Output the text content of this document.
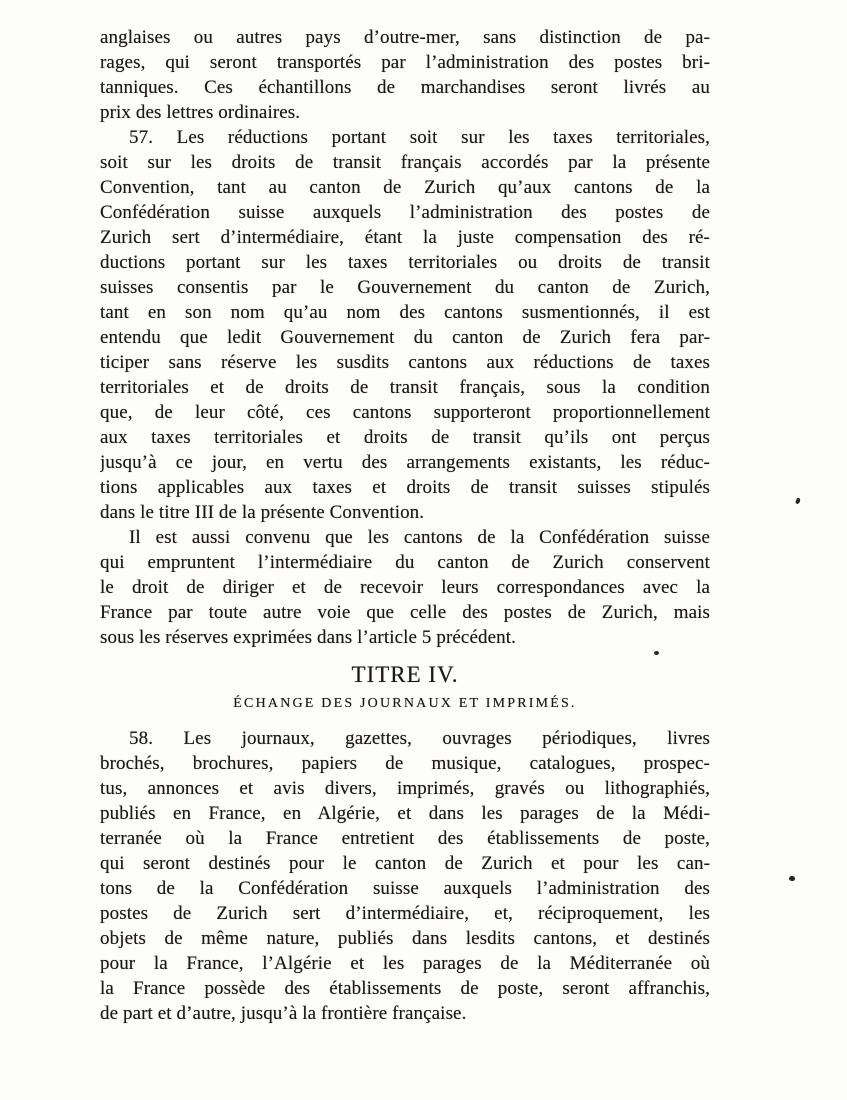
anglaises ou autres pays d’outre-mer, sans distinction de pa-
rages, qui seront transportés par l’administration des postes bri-
tanniques. Ces échantillons de marchandises seront livrés au
prix des lettres ordinaires.
57. Les réductions portant soit sur les taxes territoriales,
soit sur les droits de transit français accordés par la présente
Convention, tant au canton de Zurich qu’aux cantons de la
Confédération suisse auxquels l’administration des postes de
Zurich sert d’intermédiaire, étant la juste compensation des ré-
ductions portant sur les taxes territoriales ou droits de transit
suisses consentis par le Gouvernement du canton de Zurich,
tant en son nom qu’au nom des cantons susmentionnés, il est
entendu que ledit Gouvernement du canton de Zurich fera par-
ticiper sans réserve les susdits cantons aux réductions de taxes
territoriales et de droits de transit français, sous la condition
que, de leur côté, ces cantons supporteront proportionnellement
aux taxes territoriales et droits de transit qu’ils ont perçus
jusqu’à ce jour, en vertu des arrangements existants, les réduc-
tions applicables aux taxes et droits de transit suisses stipulés
dans le titre III de la présente Convention.
Il est aussi convenu que les cantons de la Confédération suisse
qui empruntent l’intermédiaire du canton de Zurich conservent
le droit de diriger et de recevoir leurs correspondances avec la
France par toute autre voie que celle des postes de Zurich, mais
sous les réserves exprimées dans l’article 5 précédent.
TITRE IV.
ÉCHANGE DES JOURNAUX ET IMPRIMÉS.
58. Les journaux, gazettes, ouvrages périodiques, livres
brochés, brochures, papiers de musique, catalogues, prospec-
tus, annonces et avis divers, imprimés, gravés ou lithographiés,
publiés en France, en Algérie, et dans les parages de la Médi-
terranée où la France entretient des établissements de poste,
qui seront destinés pour le canton de Zurich et pour les can-
tons de la Confédération suisse auxquels l’administration des
postes de Zurich sert d’intermédiaire, et, réciproquement, les
objets de même nature, publiés dans lesdits cantons, et destinés
pour la France, l’Algérie et les parages de la Méditerranée où
la France possède des établissements de poste, seront affranchis,
de part et d’autre, jusqu’à la frontière française.
